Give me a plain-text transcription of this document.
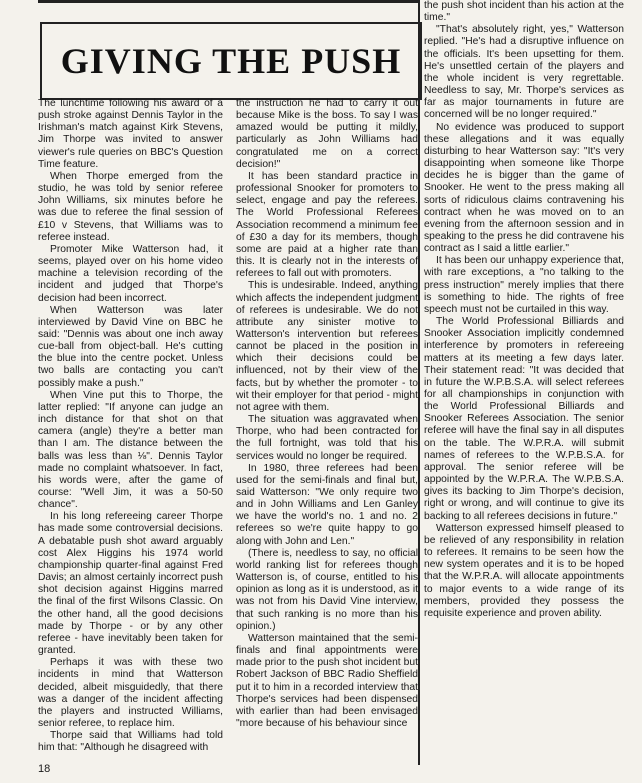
GIVING THE PUSH

The lunchtime following his award of a push stroke against Dennis Taylor in the Irishman's match against Kirk Stevens, Jim Thorpe was invited to answer viewer's rule queries on BBC's Question Time feature.

When Thorpe emerged from the studio, he was told by senior referee John Williams, six minutes before he was due to referee the final session of £10 v Stevens, that Williams was to referee instead.

Promoter Mike Watterson had, it seems, played over on his home video machine a television recording of the incident and judged that Thorpe's decision had been incorrect.

When Watterson was later interviewed by David Vine on BBC he said: "Dennis was about one inch away cue-ball from object-ball. He's cutting the blue into the centre pocket. Unless two balls are contacting you can't possibly make a push."

When Vine put this to Thorpe, the latter replied: "If anyone can judge an inch distance for that shot on that camera (angle) they're a better man than I am. The distance between the balls was less than ⅛". Dennis Taylor made no complaint whatsoever. In fact, his words were, after the game of course: "Well Jim, it was a 50-50 chance".

In his long refereeing career Thorpe has made some controversial decisions. A debatable push shot award arguably cost Alex Higgins his 1974 world championship quarter-final against Fred Davis; an almost certainly incorrect push shot decision against Higgins marred the final of the first Wilsons Classic. On the other hand, all the good decisions made by Thorpe - or by any other referee - have inevitably been taken for granted.

Perhaps it was with these two incidents in mind that Watterson decided, albeit misguidedly, that there was a danger of the incident affecting the players and instructed Williams, senior referee, to replace him.

Thorpe said that Williams had told him that: "Although he disagreed with

the instruction he had to carry it out because Mike is the boss. To say I was amazed would be putting it mildly, particularly as John Williams had congratulated me on a correct decision!"

It has been standard practice in professional Snooker for promoters to select, engage and pay the referees. The World Professional Referees Association recommend a minimum fee of £30 a day for its members, though some are paid at a higher rate than this. It is clearly not in the interests of referees to fall out with promoters.

This is undesirable. Indeed, anything which affects the independent judgment of referees is undesirable. We do not attribute any sinister motive to Watterson's intervention but referees cannot be placed in the position in which their decisions could be influenced, not by their view of the facts, but by whether the promoter - to wit their employer for that period - might not agree with them.

The situation was aggravated when Thorpe, who had been contracted for the full fortnight, was told that his services would no longer be required.

In 1980, three referees had been used for the semi-finals and final but, said Watterson: "We only require two and in John Williams and Len Ganley we have the world's no. 1 and no. 2 referees so we're quite happy to go along with John and Len."

(There is, needless to say, no official world ranking list for referees though Watterson is, of course, entitled to his opinion as long as it is understood, as it was not from his David Vine interview, that such ranking is no more than his opinion.)

Watterson maintained that the semi-finals and final appointments were made prior to the push shot incident but Robert Jackson of BBC Radio Sheffield put it to him in a recorded interview that Thorpe's services had been dispensed with earlier than had been envisaged "more because of his behaviour since

the push shot incident than his action at the time."

"That's absolutely right, yes," Watterson replied. "He's had a disruptive influence on the officials. It's been upsetting for them. He's unsettled certain of the players and the whole incident is very regrettable. Needless to say, Mr. Thorpe's services as far as major tournaments in future are concerned will be no longer required."

No evidence was produced to support these allegations and it was equally disturbing to hear Watterson say: "It's very disappointing when someone like Thorpe decides he is bigger than the game of Snooker. He went to the press making all sorts of ridiculous claims contravening his contract when he was moved on to an evening from the afternoon session and in speaking to the press he did contravene his contract as I said a little earlier."

It has been our unhappy experience that, with rare exceptions, a "no talking to the press instruction" merely implies that there is something to hide. The rights of free speech must not be curtailed in this way.

The World Professional Billiards and Snooker Association implicitly condemned interference by promoters in refereeing matters at its meeting a few days later. Their statement read: "It was decided that in future the W.P.B.S.A. will select referees for all championships in conjunction with the World Professional Billiards and Snooker Referees Association. The senior referee will have the final say in all disputes on the table. The W.P.R.A. will submit names of referees to the W.P.B.S.A. for approval. The senior referee will be appointed by the W.P.R.A. The W.P.B.S.A. gives its backing to Jim Thorpe's decision, right or wrong, and will continue to give its backing to all referees decisions in future."

Watterson expressed himself pleased to be relieved of any responsibility in relation to referees. It remains to be seen how the new system operates and it is to be hoped that the W.P.R.A. will allocate appointments to major events to a wide range of its members, provided they possess the requisite experience and proven ability.

18
